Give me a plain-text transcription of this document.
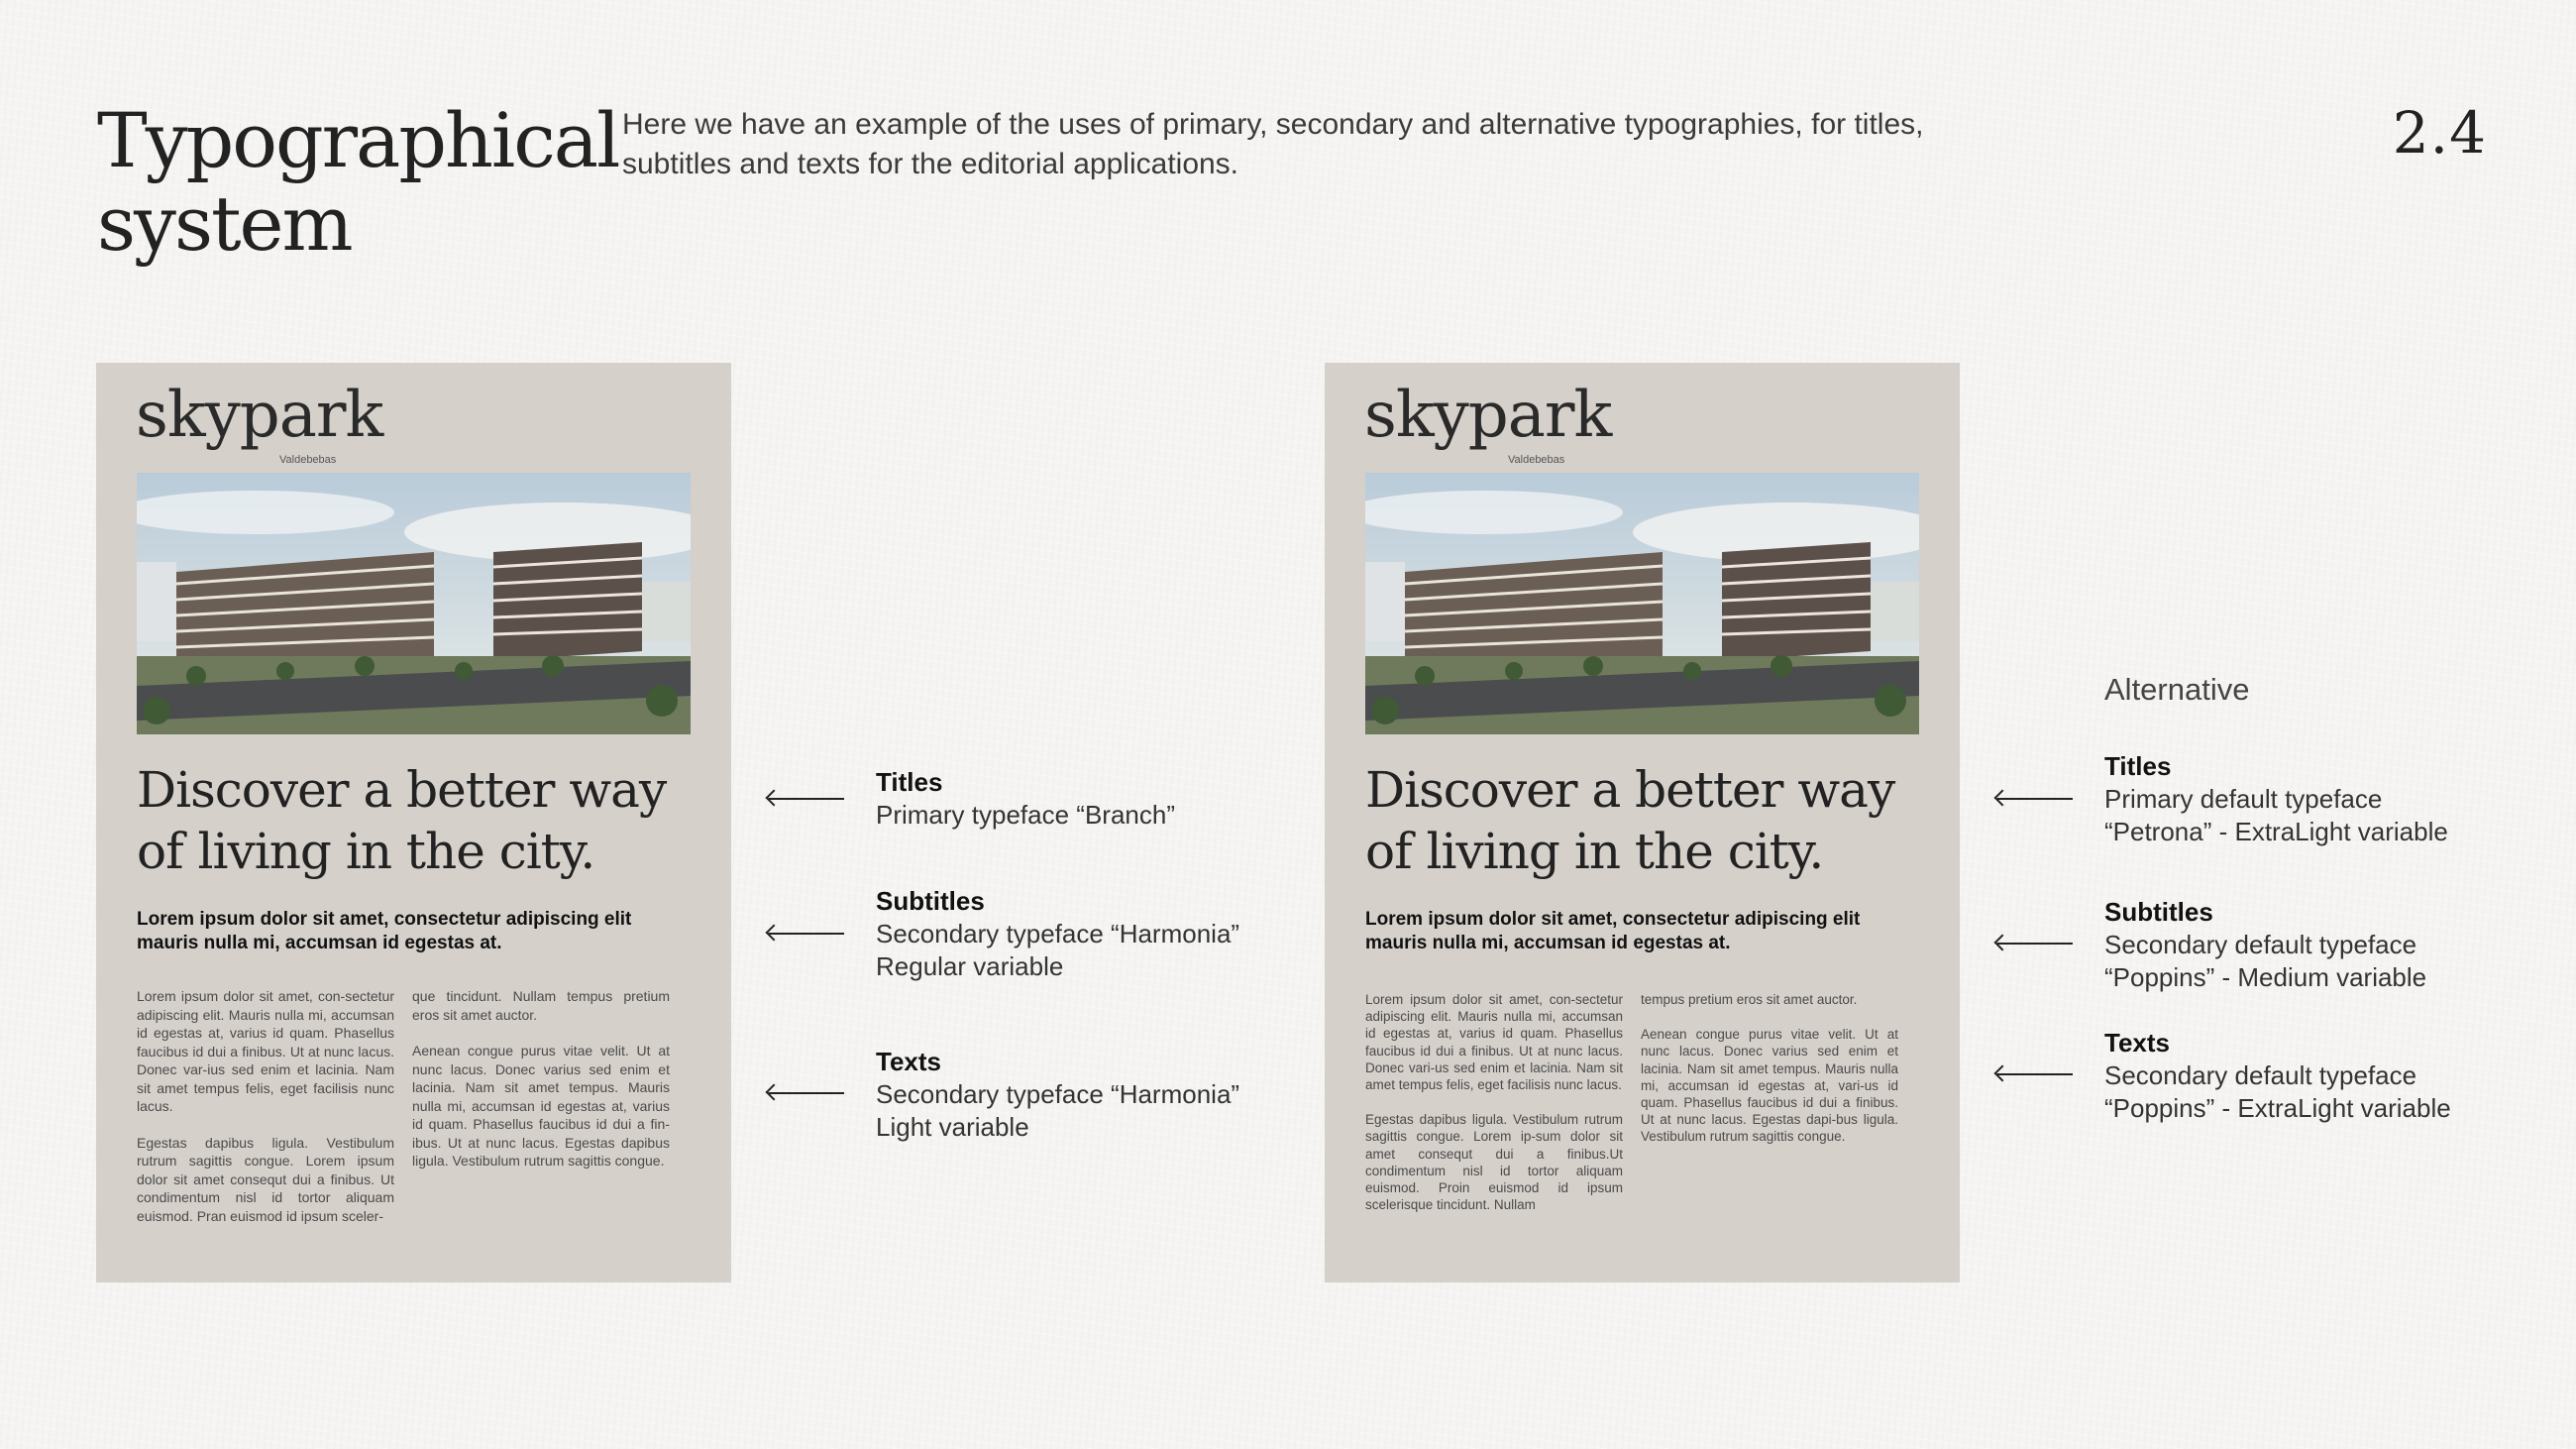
Typographical
system
Here we have an example of the uses of primary, secondary and alternative typographies, for titles,
subtitles and texts for the editorial applications.	2.4
skypark
Valdebebas
Discover a better way
of living in the city.
Lorem ipsum dolor sit amet, consectetur adipiscing elit mauris nulla mi, accumsan id egestas at.

Lorem ipsum dolor sit amet, con-sectetur adipiscing elit. Mauris nulla mi, accumsan id egestas at, varius id quam. Phasellus faucibus id dui a finibus. Ut at nunc lacus. Donec var-ius sed enim et lacinia. Nam sit amet tempus felis, eget facilisis nunc lacus.

Egestas dapibus ligula. Vestibulum rutrum sagittis congue. Lorem ipsum dolor sit amet consequt dui a finibus. Ut condimentum nisl id tortor aliquam euismod. Pran euismod id ipsum sceler-

que tincidunt. Nullam tempus pretium eros sit amet auctor.

Aenean congue purus vitae velit. Ut at nunc lacus. Donec varius sed enim et lacinia. Nam sit amet tempus. Mauris nulla mi, accumsan id egestas at, varius id quam. Phasellus faucibus id dui a fin-ibus. Ut at nunc lacus. Egestas dapibus ligula. Vestibulum rutrum sagittis congue.

Titles
Primary typeface “Branch”
Subtitles
Secondary typeface “Harmonia”
Regular variable
Texts
Secondary typeface “Harmonia”
Light variable
skypark
Valdebebas
Discover a better way
of living in the city.
Lorem ipsum dolor sit amet, consectetur adipiscing elit mauris nulla mi, accumsan id egestas at.

Lorem ipsum dolor sit amet, con-sectetur adipiscing elit. Mauris nulla mi, accumsan id egestas at, varius id quam. Phasellus faucibus id dui a finibus. Ut at nunc lacus. Donec vari-us sed enim et lacinia. Nam sit amet tempus felis, eget facilisis nunc lacus.

Egestas dapibus ligula. Vestibulum rutrum sagittis congue. Lorem ip-sum dolor sit amet consequt dui a finibus.Ut condimentum nisl id tortor aliquam euismod. Proin euismod id ipsum scelerisque tincidunt. Nullam

tempus pretium eros sit amet auctor.

Aenean congue purus vitae velit. Ut at nunc lacus. Donec varius sed enim et lacinia. Nam sit amet tempus. Mauris nulla mi, accumsan id egestas at, vari-us id quam. Phasellus faucibus id dui a finibus. Ut at nunc lacus. Egestas dapi-bus ligula. Vestibulum rutrum sagittis congue.

Alternative
Titles
Primary default typeface
“Petrona” - ExtraLight variable
Subtitles
Secondary default typeface
“Poppins” - Medium variable
Texts
Secondary default typeface
“Poppins” - ExtraLight variable
